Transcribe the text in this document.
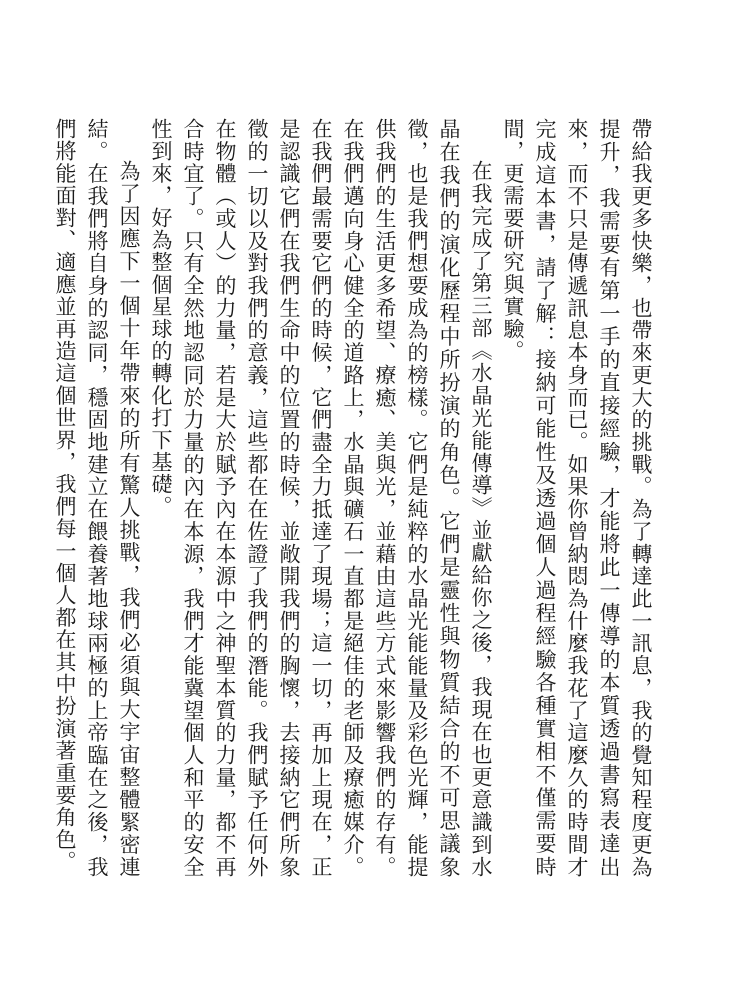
帶給我更多快樂，也帶來更大的挑戰。為了轉達此一訊息，我的覺知程度更為提升，我需要有第一手的直接經驗，才能將此一傳導的本質透過書寫表達出來，而不只是傳遞訊息本身而已。如果你曾納悶為什麼我花了這麼久的時間才完成這本書，請了解：接納可能性及透過個人過程經驗各種實相不僅需要時間，更需要研究與實驗。

在我完成了第三部《水晶光能傳導》並獻給你之後，我現在也更意識到水晶在我們的演化歷程中所扮演的角色。它們是靈性與物質結合的不可思議象徵，也是我們想要成為的榜樣。它們是純粹的水晶光能能量及彩色光輝，能提供我們的生活更多希望、療癒、美與光，並藉由這些方式來影響我們的存有。在我們邁向身心健全的道路上，水晶與礦石一直都是絕佳的老師及療癒媒介。在我們最需要它們的時候，它們盡全力抵達了現場；這一切，再加上現在，正是認識它們在我們生命中的位置的時候，並敞開我們的胸懷，去接納它們所象徵的一切以及對我們的意義，這些都在在佐證了我們的潛能。我們賦予任何外在物體（或人）的力量，若是大於賦予內在本源中之神聖本質的力量，都不再合時宜了。只有全然地認同於力量的內在本源，我們才能冀望個人和平的安全性到來，好為整個星球的轉化打下基礎。

為了因應下一個十年帶來的所有驚人挑戰，我們必須與大宇宙整體緊密連結。在我們將自身的認同，穩固地建立在餵養著地球兩極的上帝臨在之後，我們將能面對、適應並再造這個世界，我們每一個人都在其中扮演著重要角色。
